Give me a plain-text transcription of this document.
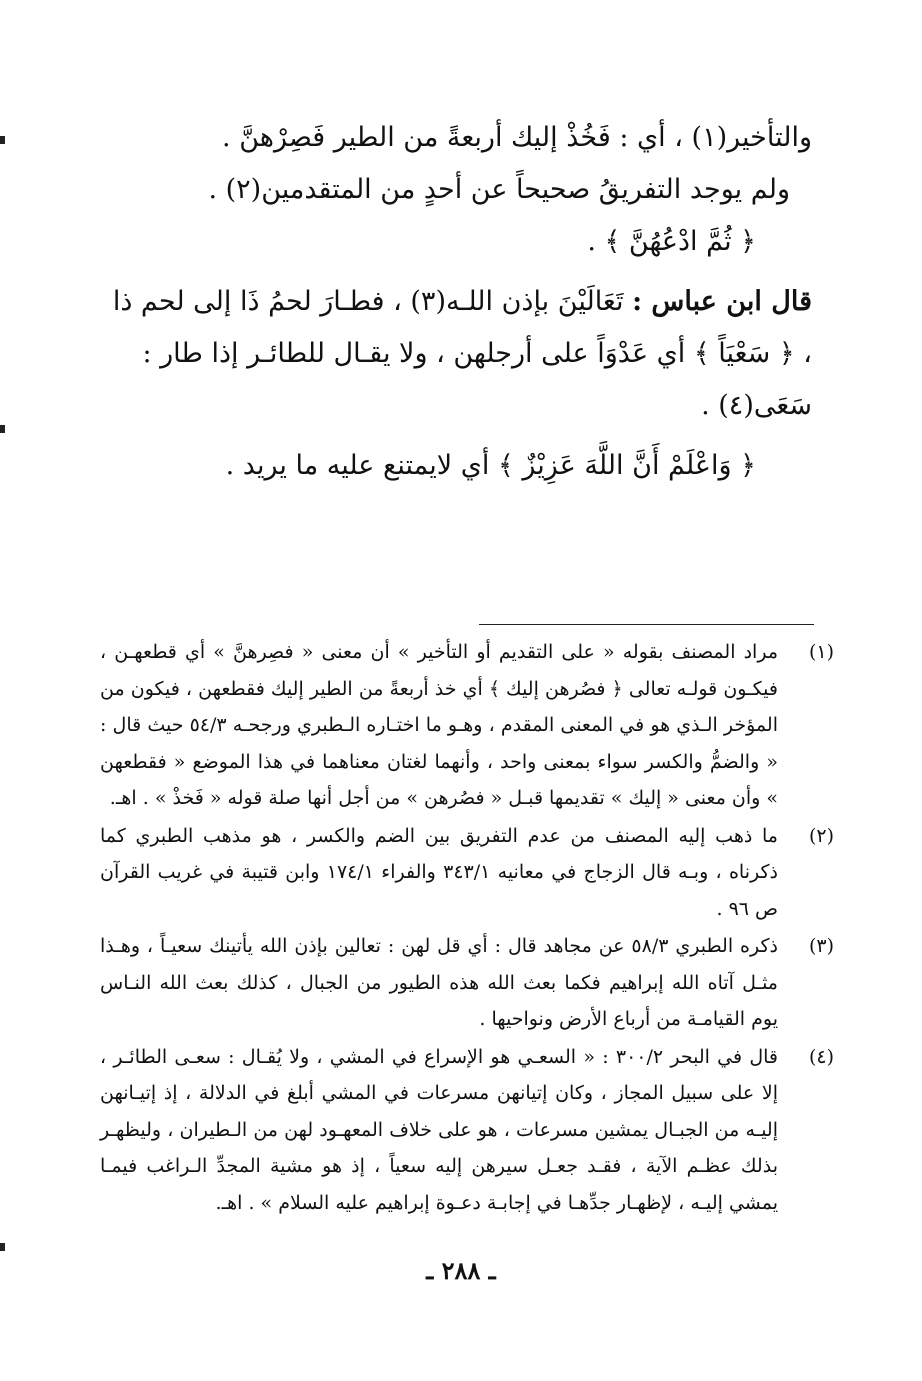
والتأخير(١) ، أي : فَخُذْ إليك أربعةً من الطير فَصِرْهنَّ .

ولم يوجد التفريقُ صحيحاً عن أحدٍ من المتقدمين(٢) .

﴿ ثُمَّ ادْعُهُنَّ ﴾ .

قال ابن عباس : تَعَالَيْنَ بإذن اللـه(٣) ، فطـارَ لحمُ ذَا إلى لحم ذا ، ﴿ سَعْيَاً ﴾ أي عَدْوَاً على أرجلهن ، ولا يقـال للطائـر إذا طار : سَعَى(٤) .

﴿ وَاعْلَمْ أَنَّ اللَّهَ عَزِيْزٌ ﴾ أي لايمتنع عليه ما يريد .

(١)
مراد المصنف بقوله « على التقديم أو التأخير » أن معنى « فصِرهنَّ » أي قطعهـن ، فيكـون قولـه تعالى ﴿ فصُرهن إليك ﴾ أي خذ أربعةً من الطير إليك فقطعهن ، فيكون من المؤخر الـذي هو في المعنى المقدم ، وهـو ما اختـاره الـطبري ورجحـه ٥٤/٣ حيث قال : « والضمُّ والكسر سواء بمعنى واحد ، وأنهما لغتان معناهما في هذا الموضع « فقطعهن » وأن معنى « إليك » تقديمها قبـل « فصُرهن » من أجل أنها صلة قوله « فَخذْ » . اهـ.
(٢)
ما ذهب إليه المصنف من عدم التفريق بين الضم والكسر ، هو مذهب الطبري كما ذكرناه ، وبـه قال الزجاج في معانيه ٣٤٣/١ والفراء ١٧٤/١ وابن قتيبة في غريب القرآن ص ٩٦ .
(٣)
ذكره الطبري ٥٨/٣ عن مجاهد قال : أي قل لهن : تعالين بإذن الله يأتينك سعيـاً ، وهـذا مثـل آتاه الله إبراهيم فكما بعث الله هذه الطيور من الجبال ، كذلك بعث الله النـاس يوم القيامـة من أرباع الأرض ونواحيها .
(٤)
قال في البحر ٣٠٠/٢ : « السعـي هو الإسراع في المشي ، ولا يُقـال : سعـى الطائـر ، إلا على سبيل المجاز ، وكان إتيانهن مسرعات في المشي أبلغ في الدلالة ، إذ إتيـانهن إليـه من الجبـال يمشين مسرعات ، هو على خلاف المعهـود لهن من الـطيران ، وليظهـر بذلك عظـم الآية ، فقـد جعـل سيرهن إليه سعياً ، إذ هو مشية المجدِّ الـراغب فيمـا يمشي إليـه ، لإظهـار جدِّهـا في إجابـة دعـوة إبراهيم عليه السلام » . اهـ.
ـ ٢٨٨ ـ
